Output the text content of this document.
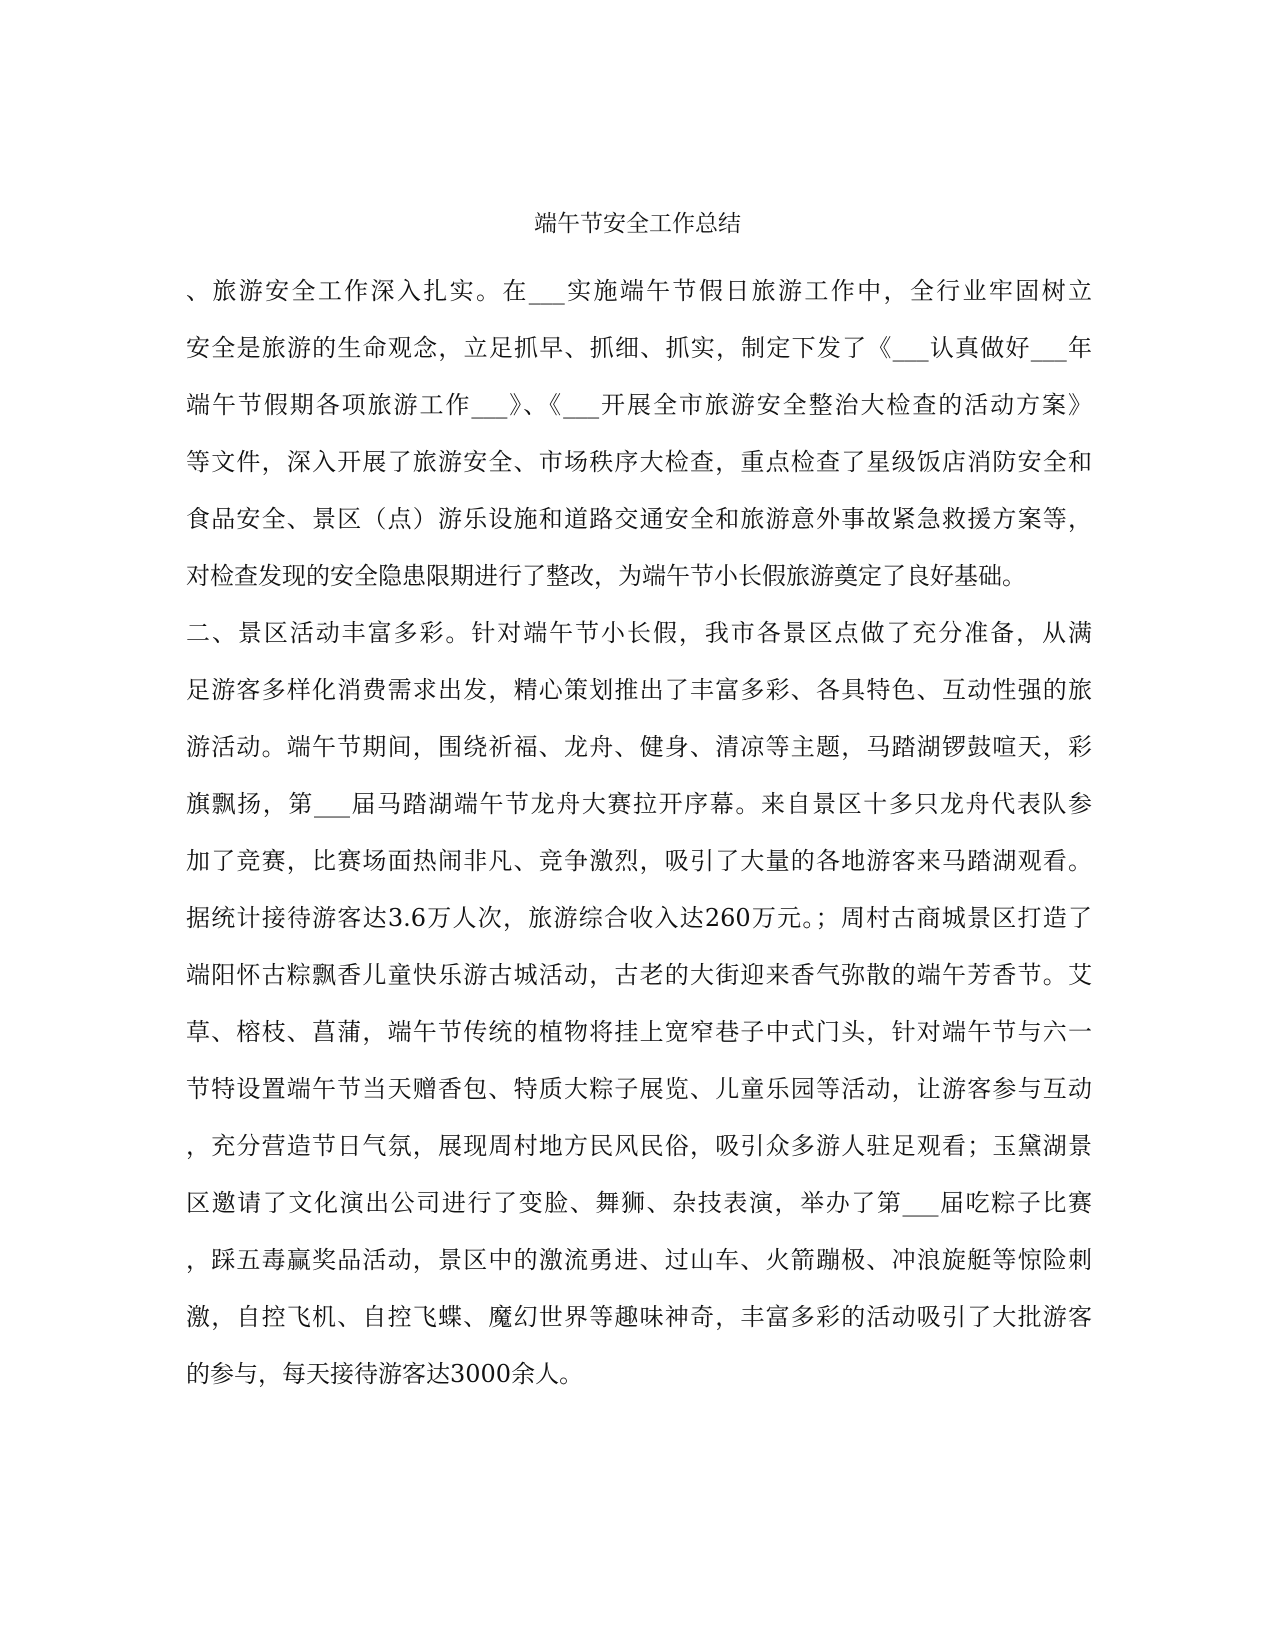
端午节安全工作总结
、旅游安全工作深入扎实。在___实施端午节假日旅游工作中，全行业牢固树立
安全是旅游的生命观念，立足抓早、抓细、抓实，制定下发了《___认真做好___年
端午节假期各项旅游工作___》、《___开展全市旅游安全整治大检查的活动方案》
等文件，深入开展了旅游安全、市场秩序大检查，重点检查了星级饭店消防安全和
食品安全、景区（点）游乐设施和道路交通安全和旅游意外事故紧急救援方案等，
对检查发现的安全隐患限期进行了整改，为端午节小长假旅游奠定了良好基础。
二、景区活动丰富多彩。针对端午节小长假，我市各景区点做了充分准备，从满
足游客多样化消费需求出发，精心策划推出了丰富多彩、各具特色、互动性强的旅
游活动。端午节期间，围绕祈福、龙舟、健身、清凉等主题，马踏湖锣鼓喧天，彩
旗飘扬，第___届马踏湖端午节龙舟大赛拉开序幕。来自景区十多只龙舟代表队参
加了竞赛，比赛场面热闹非凡、竞争激烈，吸引了大量的各地游客来马踏湖观看。
据统计接待游客达3.6万人次，旅游综合收入达260万元。；周村古商城景区打造了
端阳怀古粽飘香儿童快乐游古城活动，古老的大街迎来香气弥散的端午芳香节。艾
草、榕枝、菖蒲，端午节传统的植物将挂上宽窄巷子中式门头，针对端午节与六一
节特设置端午节当天赠香包、特质大粽子展览、儿童乐园等活动，让游客参与互动
，充分营造节日气氛，展现周村地方民风民俗，吸引众多游人驻足观看；玉黛湖景
区邀请了文化演出公司进行了变脸、舞狮、杂技表演，举办了第___届吃粽子比赛
，踩五毒赢奖品活动，景区中的激流勇进、过山车、火箭蹦极、冲浪旋艇等惊险刺
激，自控飞机、自控飞蝶、魔幻世界等趣味神奇，丰富多彩的活动吸引了大批游客
的参与，每天接待游客达3000余人。
